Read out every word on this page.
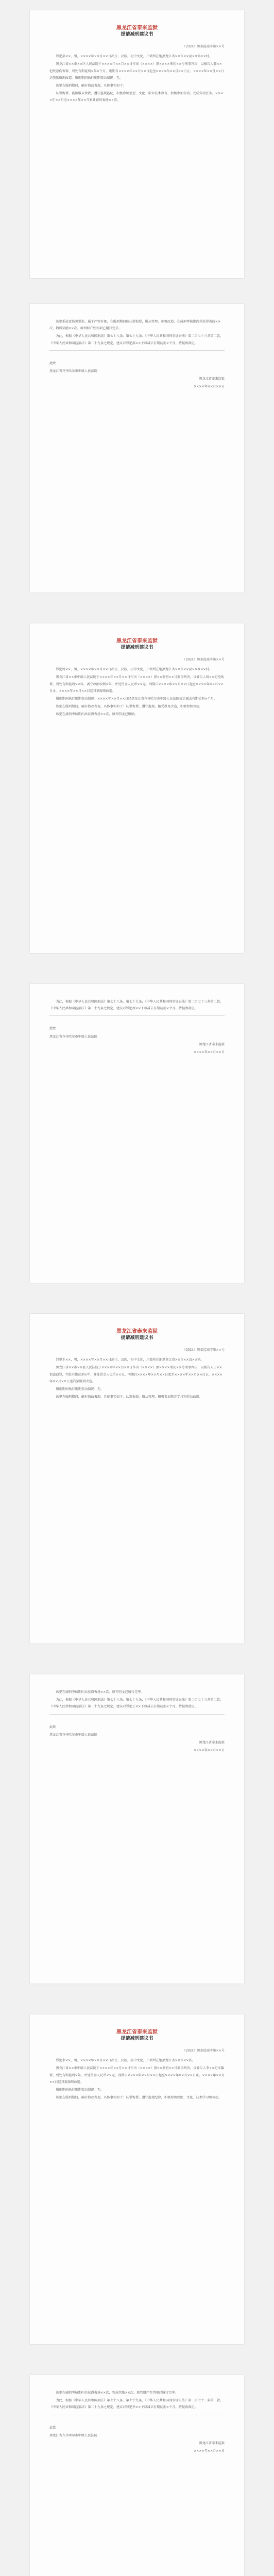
黑龙江省泰来监狱
提请减刑建议书
（2024）黑泰监减字第××号

罪犯郝××，男，××××年××月××日出生，汉族，初中文化，户籍所在地黑龙江省××市××县××镇××村。

黑龙江省××市××区人民法院于××××年××月××日作出（××××）黑××××刑初××号刑事判决，以被告人郝××犯故意伤害罪，判处有期徒刑×年×个月。刑期自××××年××月××日起至××××年××月××日止。××××年××月××日送我狱服刑改造。服刑期间执行刑期变动情况：无。

该犯在服刑期间，确有悔改表现，具体事实如下：

认罪悔罪，能够服从管教，遵守监规监纪，积极参加思想、文化、职业技术教育，积极参加劳动，完成劳动任务。××××年××月至××××年××月累计获得表扬××次。

该犯系故意伤害罪犯，属于严管对象，在服刑期间能认罪悔罪，服从管理，积极改造。在减刑考核期内共获得表扬××次，物质奖励××次。原判财产性判项已履行完毕。

为此，根据《中华人民共和国刑法》第七十八条、第七十九条、《中华人民共和国刑事诉讼法》第二百七十三条第二款、《中华人民共和国监狱法》第二十九条之规定，建议对罪犯郝××予以减去有期徒刑×个月。特提请裁定。

此致

黑龙江省齐齐哈尔市中级人民法院

黑龙江省泰来监狱

××××年××月××日

黑龙江省泰来监狱
提请减刑建议书
（2024）黑泰监减字第××号

罪犯周××，男，××××年××月××日出生，汉族，小学文化，户籍所在地黑龙江省××市××县××乡××村。

黑龙江省××市中级人民法院于××××年××月××日作出（××××）黑××刑初××号刑事判决，以被告人周××犯抢劫罪，判处有期徒刑××年，剥夺政治权利×年，并处罚金人民币××元。刑期自××××年××月××日起至××××年××月××日止。××××年××月××日送我狱服刑改造。

服刑期间执行刑期变动情况：××××年××月××日经黑龙江省齐齐哈尔市中级人民法院裁定减去有期徒刑×个月。

该犯在服刑期间，确有悔改表现，具体事实如下：认罪悔罪，遵守监规，接受教育改造，积极参加劳动。

该犯在减刑考核期内共获得表扬××次。原判罚金已缴纳。

为此，根据《中华人民共和国刑法》第七十八条、第七十九条，《中华人民共和国刑事诉讼法》第二百七十三条第二款，《中华人民共和国监狱法》第二十九条之规定，建议对罪犯周××予以减去有期徒刑×个月。特提请裁定。

此致

黑龙江省齐齐哈尔市中级人民法院

黑龙江省泰来监狱

××××年××月××日

黑龙江省泰来监狱
提请减刑建议书
（2024）黑泰监减字第××号

罪犯王××，男，××××年××月××日出生，汉族，初中文化，户籍所在地黑龙江省××市××县××镇。

黑龙江省××市××县人民法院于××××年××月××日作出（××××）黑××××刑初××号刑事判决，以被告人王××犯盗窃罪，判处有期徒刑×年，并处罚金人民币××元。刑期自××××年××月××日起至××××年××月××日止。××××年××月××日送我狱服刑改造。

服刑期间执行刑期变动情况：无。

该犯在服刑期间，确有悔改表现，具体事实如下：认罪悔罪，服从管理，积极参加教育学习和劳动改造。

该犯在减刑考核期内共获得表扬××次。原判罚金已履行完毕。

为此，根据《中华人民共和国刑法》第七十八条、第七十九条，《中华人民共和国刑事诉讼法》第二百七十三条第二款，《中华人民共和国监狱法》第二十九条之规定，建议对罪犯王××予以减去有期徒刑×个月。特提请裁定。

此致

黑龙江省齐齐哈尔市中级人民法院

黑龙江省泰来监狱

××××年××月××日

黑龙江省泰来监狱
提请减刑建议书
（2024）黑泰监减字第××号

罪犯李××，男，××××年××月××日出生，汉族，高中文化，户籍所在地黑龙江省××市××区。

黑龙江省××市中级人民法院于××××年××月××日作出（××××）黑××刑初××号刑事判决，以被告人李××犯诈骗罪，判处有期徒刑×年，并处罚金人民币××元。刑期自××××年××月××日起至××××年××月××日止。××××年××月××日送我狱服刑改造。

服刑期间执行刑期变动情况：无。

该犯在服刑期间，确有悔改表现，具体事实如下：认罪悔罪，遵守监规纪律，积极参加政治、文化、技术学习和劳动。

该犯在减刑考核期内共获得表扬××次，物质奖励××次。原判财产性判项已履行完毕。

为此，根据《中华人民共和国刑法》第七十八条、第七十九条，《中华人民共和国刑事诉讼法》第二百七十三条第二款，《中华人民共和国监狱法》第二十九条之规定，建议对罪犯李××予以减去有期徒刑×个月。特提请裁定。

此致

黑龙江省齐齐哈尔市中级人民法院

黑龙江省泰来监狱

××××年××月××日
